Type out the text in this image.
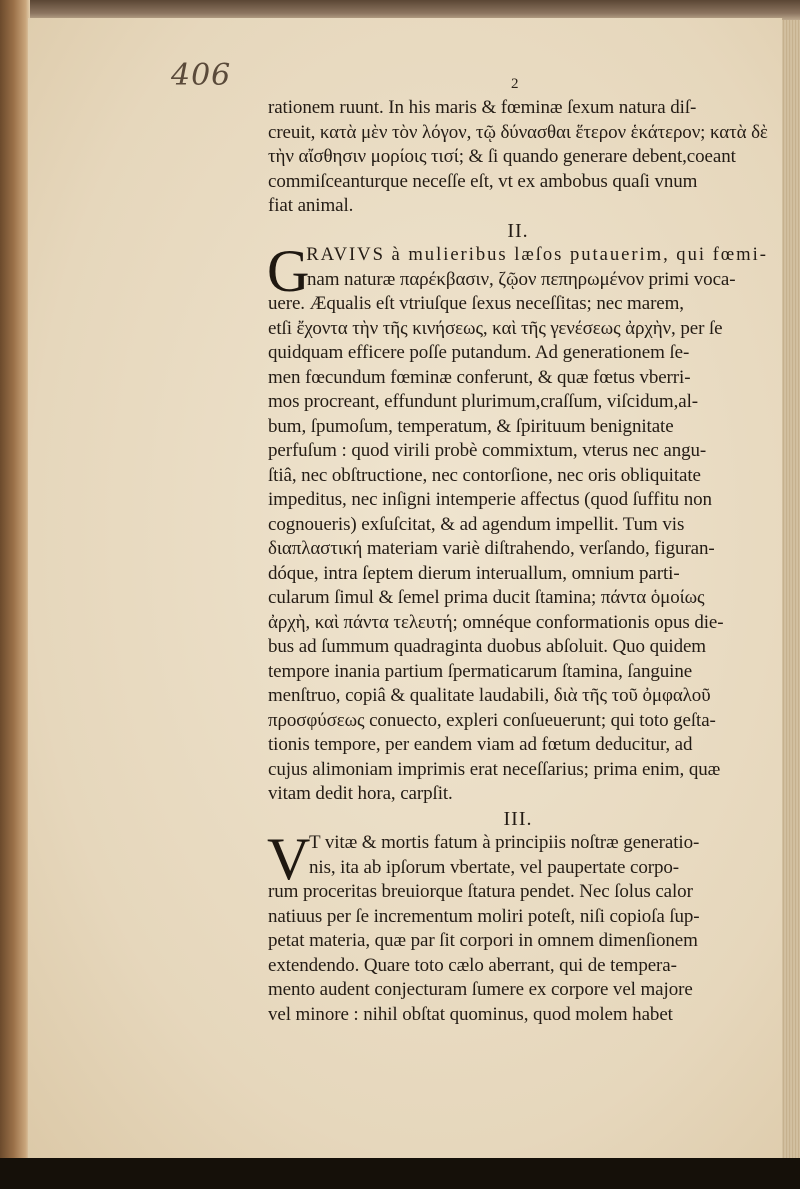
406	2

rationem ruunt. In his maris & fœminæ ſexum natura diſ-
creuit, κατὰ μὲν τὸν λόγον, τῷ δύνασθαι ἕτερον ἑκάτερον; κατὰ δὲ
τὴν αἴσθησιν μορίοις τισί; & ſi quando generare debent,coeant
commiſceanturque neceſſe eſt, vt ex ambobus quaſi vnum
fiat animal.
II.
G
RAVIVS à mulieribus læſos putauerim, qui fœmi-
nam naturæ παρέκβασιν, ζῷον πεπηρωμένον primi voca-
uere. Æqualis eſt vtriuſque ſexus neceſſitas; nec marem,
etſi ἔχοντα τὴν τῆς κινήσεως, καὶ τῆς γενέσεως ἀρχὴν, per ſe
quidquam efficere poſſe putandum. Ad generationem ſe-
men fœcundum fœminæ conferunt, & quæ fœtus vberri-
mos procreant, effundunt plurimum,craſſum, viſcidum,al-
bum, ſpumoſum, temperatum, & ſpirituum benignitate
perfuſum : quod virili probè commixtum, vterus nec angu-
ſtiâ, nec obſtructione, nec contorſione, nec oris obliquitate
impeditus, nec inſigni intemperie affectus (quod ſuffitu non
cognoueris) exſuſcitat, & ad agendum impellit. Tum vis
διαπλαστική materiam variè diſtrahendo, verſando, figuran-
dóque, intra ſeptem dierum interuallum, omnium parti-
cularum ſimul & ſemel prima ducit ſtamina; πάντα ὁμοίως
ἀρχὴ, καὶ πάντα τελευτή; omnéque conformationis opus die-
bus ad ſummum quadraginta duobus abſoluit. Quo quidem
tempore inania partium ſpermaticarum ſtamina, ſanguine
menſtruo, copiâ & qualitate laudabili, διὰ τῆς τοῦ ὀμφαλοῦ
προσφύσεως conuecto, expleri conſueuerunt; qui toto geſta-
tionis tempore, per eandem viam ad fœtum deducitur, ad
cujus alimoniam imprimis erat neceſſarius; prima enim, quæ
vitam dedit hora, carpſit.
III.
V
T vitæ & mortis fatum à principiis noſtræ generatio-
nis, ita ab ipſorum vbertate, vel paupertate corpo-
rum proceritas breuiorque ſtatura pendet. Nec ſolus calor
natiuus per ſe incrementum moliri poteſt, niſi copioſa ſup-
petat materia, quæ par ſit corpori in omnem dimenſionem
extendendo. Quare toto cælo aberrant, qui de tempera-
mento audent conjecturam ſumere ex corpore vel majore
vel minore : nihil obſtat quominus, quod molem habet
